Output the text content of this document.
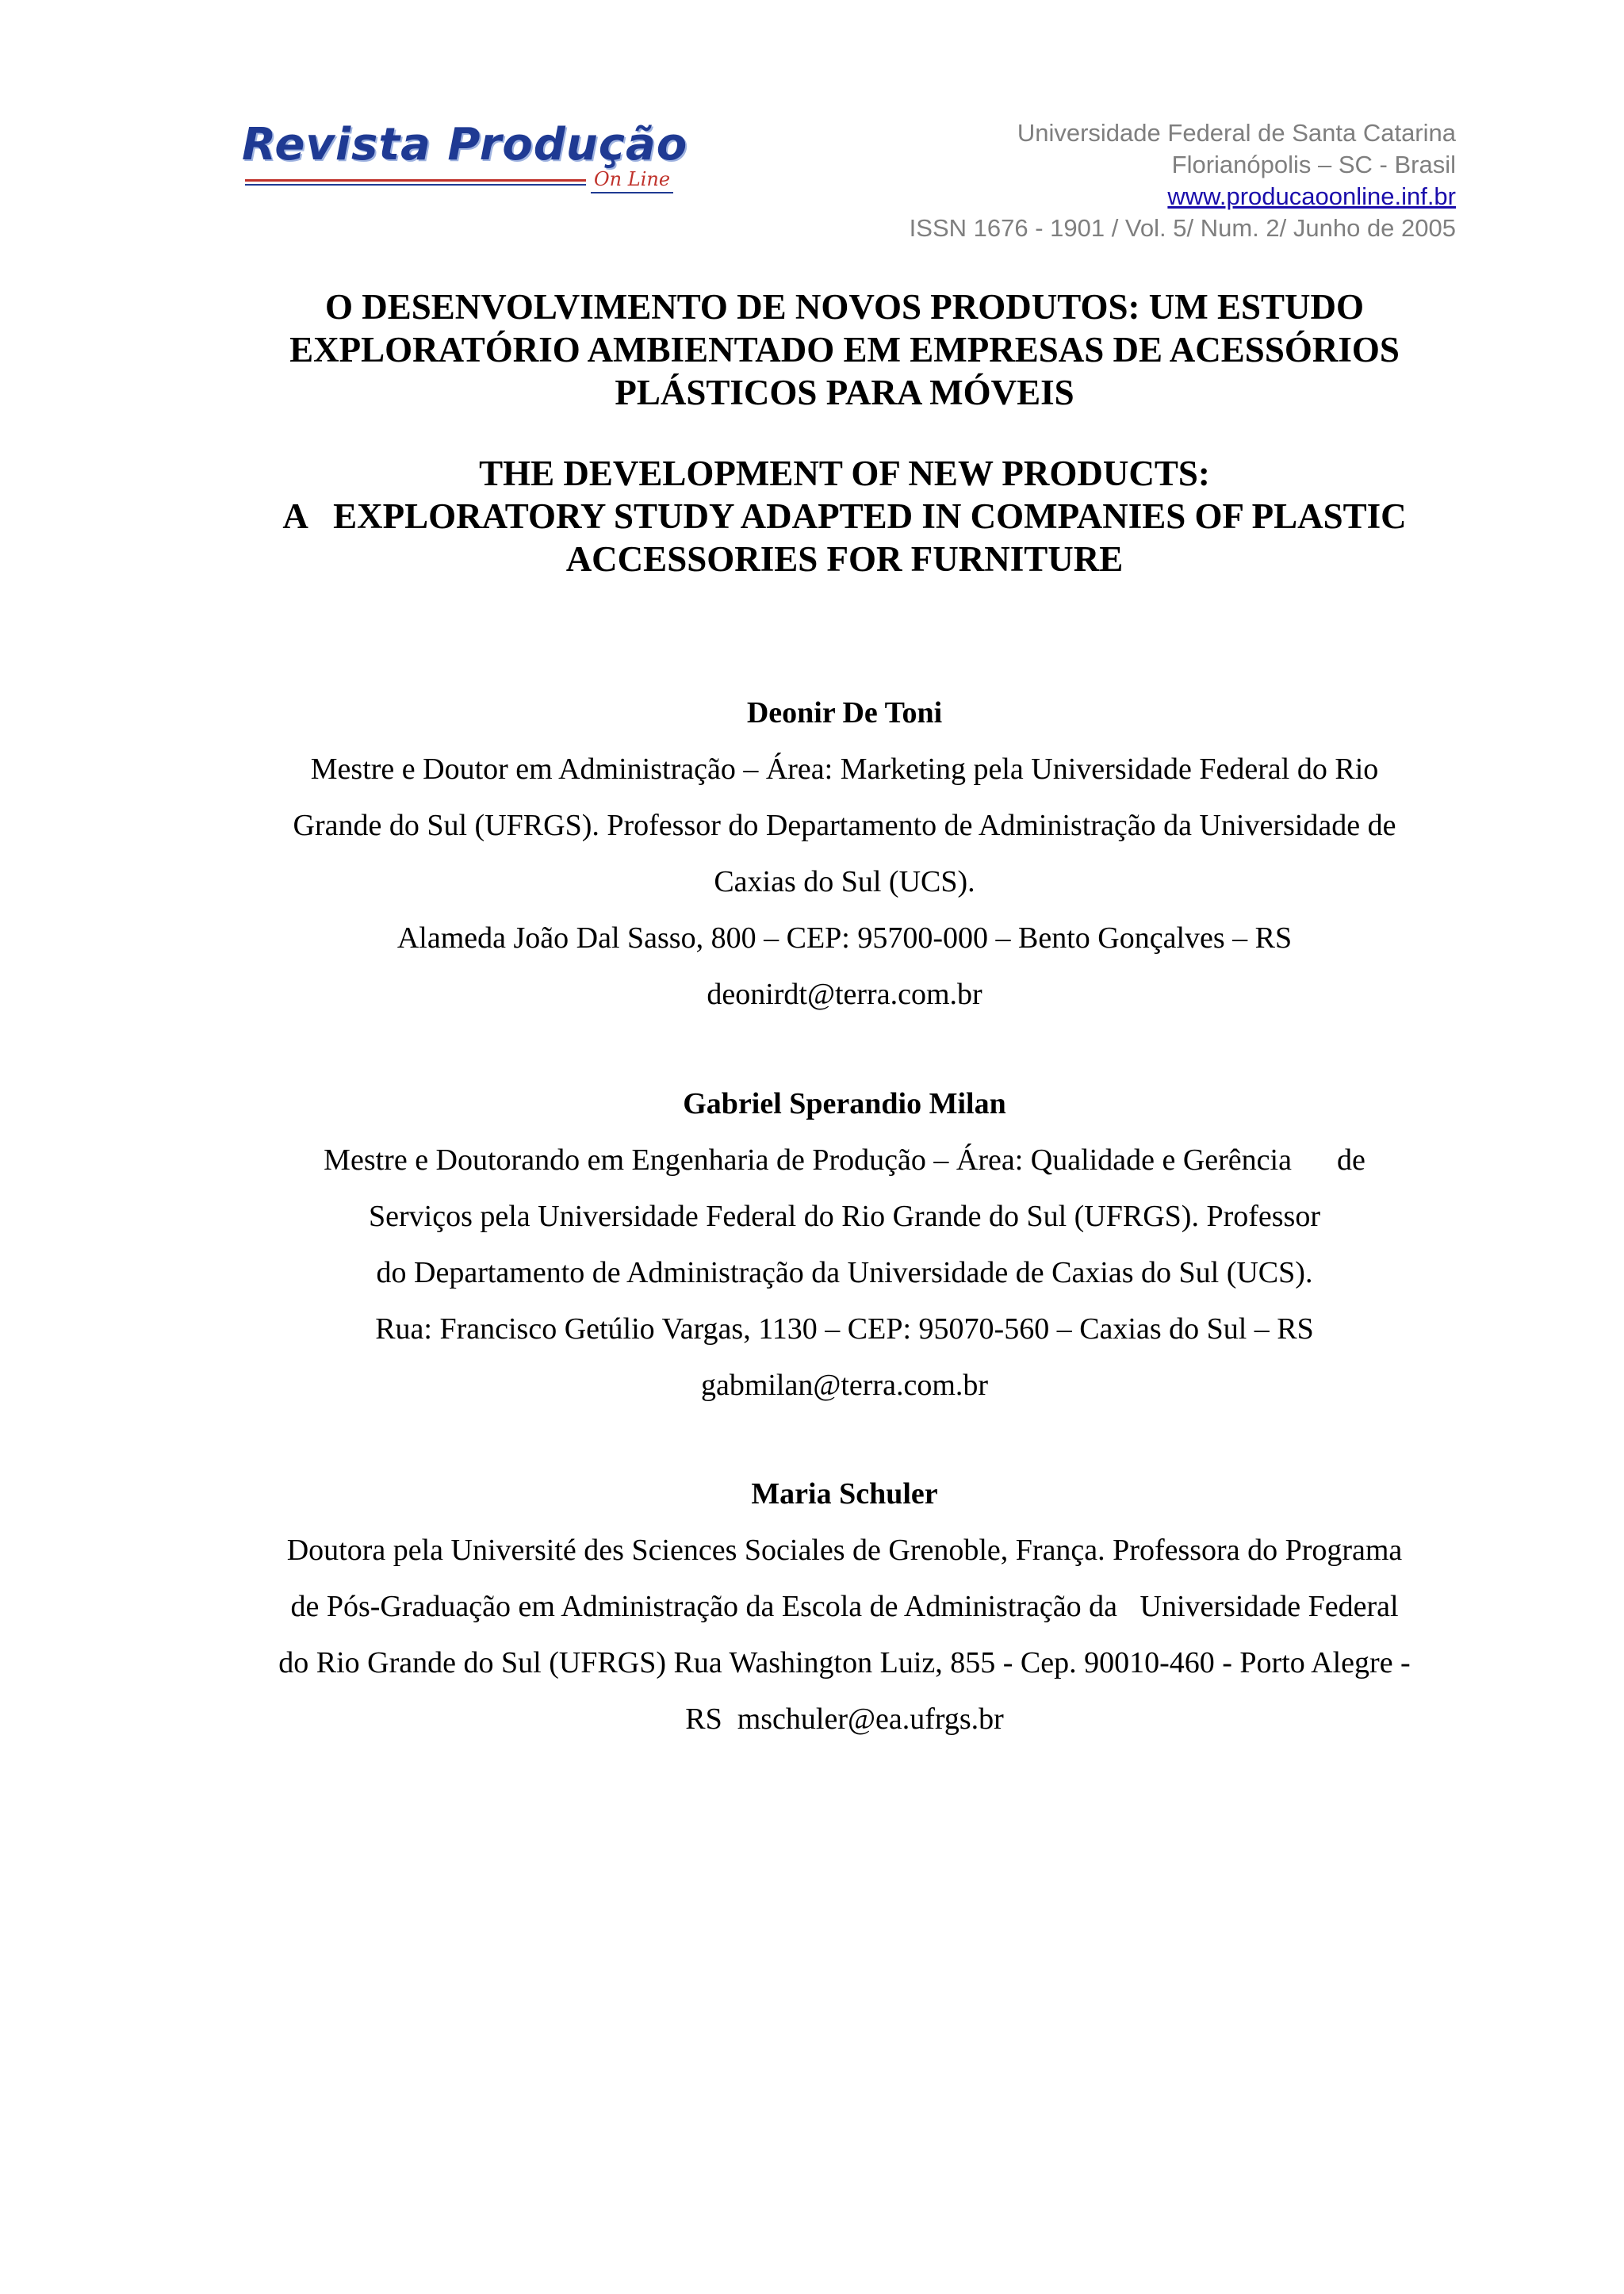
Revista Produção
On Line
Universidade Federal de Santa Catarina
Florianópolis – SC - Brasil
www.producaoonline.inf.br
ISSN 1676 - 1901 / Vol. 5/ Num. 2/ Junho de 2005
O DESENVOLVIMENTO DE NOVOS PRODUTOS: UM ESTUDO
EXPLORATÓRIO AMBIENTADO EM EMPRESAS DE ACESSÓRIOS
PLÁSTICOS PARA MÓVEIS
THE DEVELOPMENT OF NEW PRODUCTS:
A   EXPLORATORY STUDY ADAPTED IN COMPANIES OF PLASTIC
ACCESSORIES FOR FURNITURE
Deonir De Toni
Mestre e Doutor em Administração – Área: Marketing pela Universidade Federal do Rio
Grande do Sul (UFRGS). Professor do Departamento de Administração da Universidade de
Caxias do Sul (UCS).
Alameda João Dal Sasso, 800 – CEP: 95700-000 – Bento Gonçalves – RS
deonirdt@terra.com.br
Gabriel Sperandio Milan
Mestre e Doutorando em Engenharia de Produção – Área: Qualidade e Gerência      de
Serviços pela Universidade Federal do Rio Grande do Sul (UFRGS). Professor
do Departamento de Administração da Universidade de Caxias do Sul (UCS).
Rua: Francisco Getúlio Vargas, 1130 – CEP: 95070-560 – Caxias do Sul – RS
gabmilan@terra.com.br
Maria Schuler
Doutora pela Université des Sciences Sociales de Grenoble, França. Professora do Programa
de Pós-Graduação em Administração da Escola de Administração da   Universidade Federal
do Rio Grande do Sul (UFRGS) Rua Washington Luiz, 855 - Cep. 90010-460 - Porto Alegre -
RS  mschuler@ea.ufrgs.br
